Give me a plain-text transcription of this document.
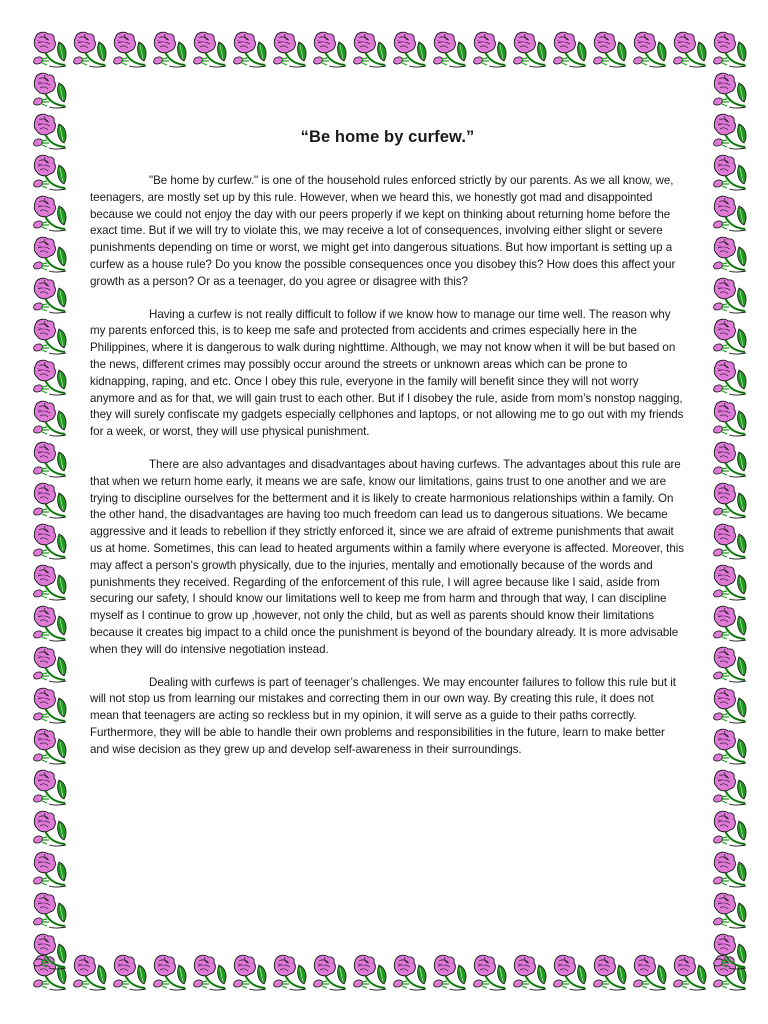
“Be home by curfew.”

"Be home by curfew." is one of the household rules enforced strictly by our parents. As we all know, we, teenagers, are mostly set up by this rule. However, when we heard this, we honestly got mad and disappointed because we could not enjoy the day with our peers properly if we kept on thinking about returning home before the exact time. But if we will try to violate this, we may receive a lot of consequences, involving either slight or severe punishments depending on time or worst, we might get into dangerous situations. But how important is setting up a curfew as a house rule? Do you know the possible consequences once you disobey this? How does this affect your growth as a person? Or as a teenager, do you agree or disagree with this?

Having a curfew is not really difficult to follow if we know how to manage our time well. The reason why my parents enforced this, is to keep me safe and protected from accidents and crimes especially here in the Philippines, where it is dangerous to walk during nighttime. Although, we may not know when it will be but based on the news, different crimes may possibly occur around the streets or unknown areas which can be prone to kidnapping, raping, and etc. Once I obey this rule, everyone in the family will benefit since they will not worry anymore and as for that, we will gain trust to each other. But if I disobey the rule, aside from mom’s nonstop nagging, they will surely confiscate my gadgets especially cellphones and laptops, or not allowing me to go out with my friends for a week, or worst, they will use physical punishment.

There are also advantages and disadvantages about having curfews. The advantages about this rule are that when we return home early, it means we are safe, know our limitations, gains trust to one another and we are trying to discipline ourselves for the betterment and it is likely to create harmonious relationships within a family. On the other hand, the disadvantages are having too much freedom can lead us to dangerous situations. We became aggressive and it leads to rebellion if they strictly enforced it, since we are afraid of extreme punishments that await us at home. Sometimes, this can lead to heated arguments within a family where everyone is affected. Moreover, this may affect a person's growth physically, due to the injuries, mentally and emotionally because of the words and punishments they received. Regarding of the enforcement of this rule, I will agree because like I said, aside from securing our safety, I should know our limitations well to keep me from harm and through that way, I can discipline myself as I continue to grow up ,however, not only the child, but as well as parents should know their limitations because it creates big impact to a child once the punishment is beyond of the boundary already. It is more advisable when they will do intensive negotiation instead.

Dealing with curfews is part of teenager’s challenges. We may encounter failures to follow this rule but it will not stop us from learning our mistakes and correcting them in our own way. By creating this rule, it does not mean that teenagers are acting so reckless but in my opinion, it will serve as a guide to their paths correctly. Furthermore, they will be able to handle their own problems and responsibilities in the future, learn to make better and wise decision as they grew up and develop self-awareness in their surroundings.
